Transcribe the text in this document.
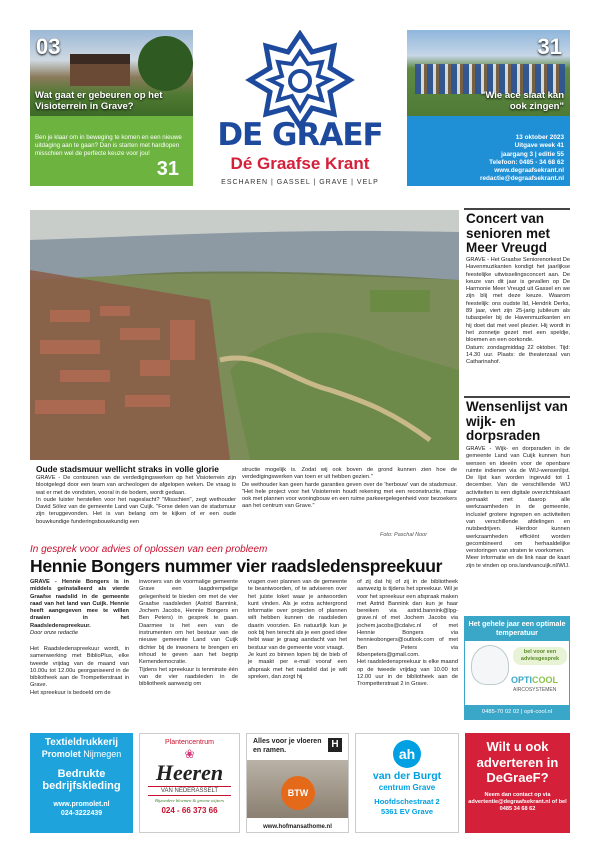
03
Wat gaat er gebeuren op het Visioterrein in Grave?
Ben je klaar om in beweging te komen en een nieuwe uitdaging aan te gaan? Dan is starten met hardlopen misschien wel de perfecte keuze voor jou!
31
31
"Wie ace slaat kan ook zingen"
13 oktober 2023
Uitgave week 41
jaargang 3 | editie 55
Telefoon: 0485 - 34 68 62
www.degraafsekrant.nl
redactie@degraafsekrant.nl
DE GRAEF
Dé Graafse Krant
ESCHAREN | GASSEL | GRAVE | VELP
Oude stadsmuur wellicht straks in volle glorie
GRAVE - De contouren van de verdedigingswerken op het Visioterrein zijn blootgelegd door een team van archeologen de afgelopen weken. De vraag is wat er met de vondsten, vooral in de bodem, wordt gedaan.
In oude luister herstellen voor het nageslacht? "Misschien", zegt wethouder David Sölez van de gemeente Land van Cuijk. "Forse delen van de stadsmuur zijn teruggevonden. Het is van belang om te kijken of er een oude bouwkundige funderingsbouwkundig een
structie mogelijk is. Zodat wij ook boven de grond kunnen zien hoe de verdedigingswerken van toen er uit hebben gezien."
De wethouder kan geen harde garanties geven over de 'herbouw' van de stadsmuur. "Het hele project voor het Visioterrein houdt rekening met een reconstructie, maar ook met plannen voor woningbouw en een ruime parkeergelegenheid voor bezoekers aan het centrum van Grave."
Foto: Paschal Noor
In gesprek voor advies of oplossen van een probleem
Hennie Bongers nummer vier raadsledenspreekuur
GRAVE - Hennie Bongers is in middels geïnstalleerd als vierde Graafse raadslid in de gemeente raad van het land van Cuijk. Hennie heeft aangegeven mee te willen draaien in het Raadsledenspreekuur.
Door onze redactie
Het Raadsledenspreekuur wordt, in samenwerking met BiblioPlus, elke tweede vrijdag van de maand van 10.00u tot 12.00u georganiseerd in de bibliotheek aan de Trompetterstraat in Grave.
Het spreekuur is bedoeld om de
inwoners van de voormalige gemeente Grave een laagdrempelige gelegenheid te bieden om met de vier Graafse raadsleden (Astrid Bannink, Jochem Jacobs, Hennie Bongers en Ben Peters) in gesprek te gaan. Daarmee is het een van de instrumenten om het bestuur van de nieuwe gemeente Land van Cuijk dichter bij de inwoners te brengen en inhoud te geven aan het begrip Kemendemocratie.
Tijdens het spreekuur is tenminste één van de vier raadsleden in de bibliotheek aanwezig om
vragen over plannen van de gemeente te beantwoorden, of te adviseren over het juiste loket waar je antwoorden kunt vinden. Als je extra achtergrond informatie over projecten of plannen wilt hebben kunnen de raadsleden daarin voorzien. En natuurlijk kun je ook bij hen terecht als je een goed idee hebt waar je graag aandacht van het bestuur van de gemeente voor vraagt.
Je kunt zo binnen lopen bij de bieb of je maakt per e-mail vooraf een afspraak met het raadslid dat je wilt spreken, dan zorgt hij
of zij dat hij of zij in de bibliotheek aanwezig is tijdens het spreekuur. Wil je voor het spreekuur een afspraak maken met Astrid Bannink dan kun je haar bereiken via astrid.bannink@lpg-grave.nl of met Jochem Jacobs via jochem.jacobs@cdalvc.nl of met Hennie Bongers via hennieobongers@outlook.com of met Ben Peters via ikbenpeters@gmail.com.
Het raadsledenspreekuur is elke maand op de tweede vrijdag van 10.00 tot 12.00 uur in de bibliotheek aan de Trompetterstraat 2 in Grave.
Concert van senioren met Meer Vreugd
GRAVE - Het Graafse Seniorenorkest De Havenmuzikanten kondigt het jaarlijkse feestelijke uitwisselingsconcert aan. De keuze van dit jaar is gevallen op De Harmonie Meer Vreugd uit Gassel en we zijn blij met deze keuze. Waarom feestelijk: ons oudste lid, Hendrik Derks, 89 jaar, viert zijn 25-jarig jubileum als tubaspeler bij de Havenmuzikanten en hij doet dat met veel plezier. Hij wordt in het zonnetje gezet met een speldje, bloemen en een oorkonde.
Datum: zondagmiddag 22 oktober. Tijd: 14.30 uur. Plaats: de theaterzaal van Catharinahof.
Wensenlijst van wijk- en dorpsraden
GRAVE - Wijk- en dorpsraden in de gemeente Land van Cuijk kunnen hun wensen en ideeën voor de openbare ruimte indienen via de WIJ-wensenlijst. De lijst kan worden ingevuld tot 1 december. Van de verschillende WIJ activiteiten is een digitale overzichtskaart gemaakt met daarop alle werkzaamheden in de gemeente, inclusief grotere ingrepen en activiteiten van verschillende afdelingen en nutsbedrijven. Hierdoor kunnen werkzaamheden efficiënt worden gecombineerd om herhaaldelijke verstoringen van straten te voorkomen.
Meer informatie en de link naar de kaart zijn te vinden op ons.landvancuijk.nl/WIJ.
Het gehele jaar een optimale temperatuur
bel voor een adviesgesprek
OPTICOOL
AIRCOSYSTEMEN
0485-70 02 02 | opti-cool.nl
Textieldrukkerij
Promolet Nijmegen
Bedrukte bedrijfskleding
www.promolet.nl
024-3222439
Plantencentrum
❀
Heeren
VAN NEDERASSELT
Bijzondere bloemen & groene wijzers
024 - 66 373 66
Alles voor je vloeren en ramen.	H
BTW
www.hofmansathome.nl
ah
van der Burgt
centrum Grave
Hoofdschestraat 2
5361 EV Grave
Wilt u ook adverteren in DeGraeF?
Neem dan contact op via advertentie@degraafsekrant.nl of bel 0485 34 68 62
